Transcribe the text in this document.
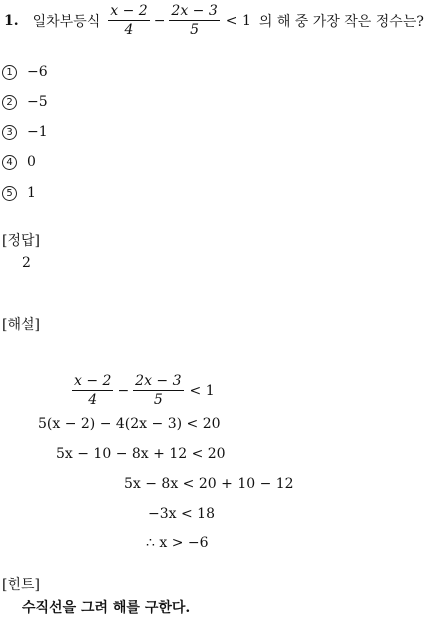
1. 일차부등식 $\frac{x - 2}{4} - \frac{2x - 3}{5} < 1$ 의 해 중 가장 작은 정수는?
1 −6
2 −5
3 −1
4 0
5 1
[정답]
2
[해설]
$\frac{x - 2}{4} - \frac{2x - 3}{5} < 1$
5(x − 2) − 4(2x − 3) < 20
5x − 10 − 8x + 12 < 20
5x − 8x < 20 + 10 − 12
−3x < 18
∴ x > −6
[힌트]
수직선을 그려 해를 구한다.
